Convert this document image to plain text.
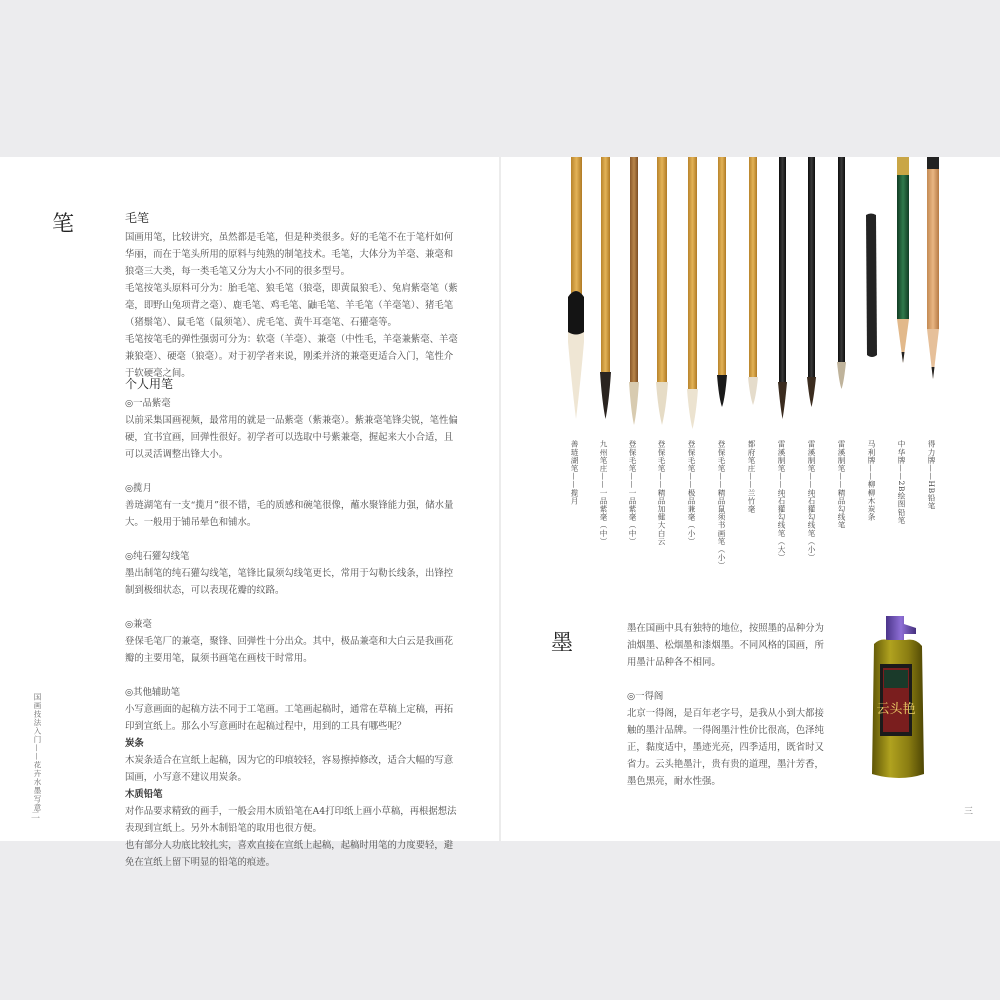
笔	毛笔

国画用笔，比较讲究，虽然都是毛笔，但是种类很多。好的毛笔不在于笔杆如何华丽，而在于笔头所用的原料与纯熟的制笔技术。毛笔，大体分为羊毫、兼毫和狼毫三大类，每一类毛笔又分为大小不同的很多型号。

毛笔按笔头原料可分为：胎毛笔、狼毛笔（狼毫，即黄鼠狼毛）、兔肩紫毫笔（紫毫，即野山兔项背之毫）、鹿毛笔、鸡毛笔、鼬毛笔、羊毛笔（羊毫笔）、猪毛笔（猪鬃笔）、鼠毛笔（鼠须笔）、虎毛笔、黄牛耳毫笔、石獾毫等。

毛笔按笔毛的弹性强弱可分为：软毫（羊毫）、兼毫（中性毛，羊毫兼紫毫、羊毫兼狼毫）、硬毫（狼毫）。对于初学者来说，刚柔并济的兼毫更适合入门，笔性介于软硬毫之间。

个人用笔

◎一品紫毫

以前采集国画视频，最常用的就是一品紫毫（紫兼毫）。紫兼毫笔锋尖锐，笔性偏硬，宜书宜画，回弹性很好。初学者可以选取中号紫兼毫，握起来大小合适，且可以灵活调整出锋大小。

◎揽月

善琏湖笔有一支“揽月”很不错，毛的质感和碗笔很像，蘸水聚锋能力强，储水量大。一般用于铺吊晕色和铺水。

◎纯石獾勾线笔

墨出制笔的纯石獾勾线笔，笔锋比鼠须勾线笔更长，常用于勾勒长线条，出锋控制到极细状态，可以表现花瓣的纹路。

◎兼毫

登保毛笔厂的兼毫，聚锋、回弹性十分出众。其中，极品兼毫和大白云是我画花瓣的主要用笔，鼠须书画笔在画枝干时常用。

◎其他辅助笔

小写意画面的起稿方法不同于工笔画。工笔画起稿时，通常在草稿上定稿，再拓印到宣纸上。那么小写意画时在起稿过程中，用到的工具有哪些呢？

炭条

木炭条适合在宣纸上起稿，因为它的印痕较轻，容易擦掉修改，适合大幅的写意国画，小写意不建议用炭条。

木质铅笔

对作品要求精致的画手，一般会用木质铅笔在A4打印纸上画小草稿，再根据想法表现到宣纸上。另外木制铅笔的取用也很方便。

也有部分人功底比较扎实，喜欢直接在宣纸上起稿，起稿时用笔的力度要轻，避免在宣纸上留下明显的铅笔的痕迹。

国画技法入门——花卉水墨写意
二
善琏湖笔——揽月	九州笔庄——一品紫毫（中）	登保毛笔——一品紫毫（中）	登保毛笔——精品加健大白云	登保毛笔——极品兼毫（小）	登保毛笔——精品鼠须书画笔（小）	都府笔庄——兰竹毫	雷溪制笔——纯石獾勾线笔（大）	雷溪制笔——纯石獾勾线笔（小）	雷溪制笔——精品勾线笔	马利牌——柳柳木炭条	中华牌——2B绘图铅笔	得力牌——HB铅笔
墨

墨在国画中具有独特的地位，按照墨的品种分为油烟墨、松烟墨和漆烟墨。不同风格的国画，所用墨汁品种各不相同。

◎一得阁

北京一得阁，是百年老字号，是我从小到大都接触的墨汁品牌。一得阁墨汁性价比很高，色泽纯正，黏度适中，墨迹光亮，四季适用，既省时又省力。云头艳墨汁，贵有贵的道理，墨汁芳香，墨色黑亮，耐水性强。

云头艳
三
